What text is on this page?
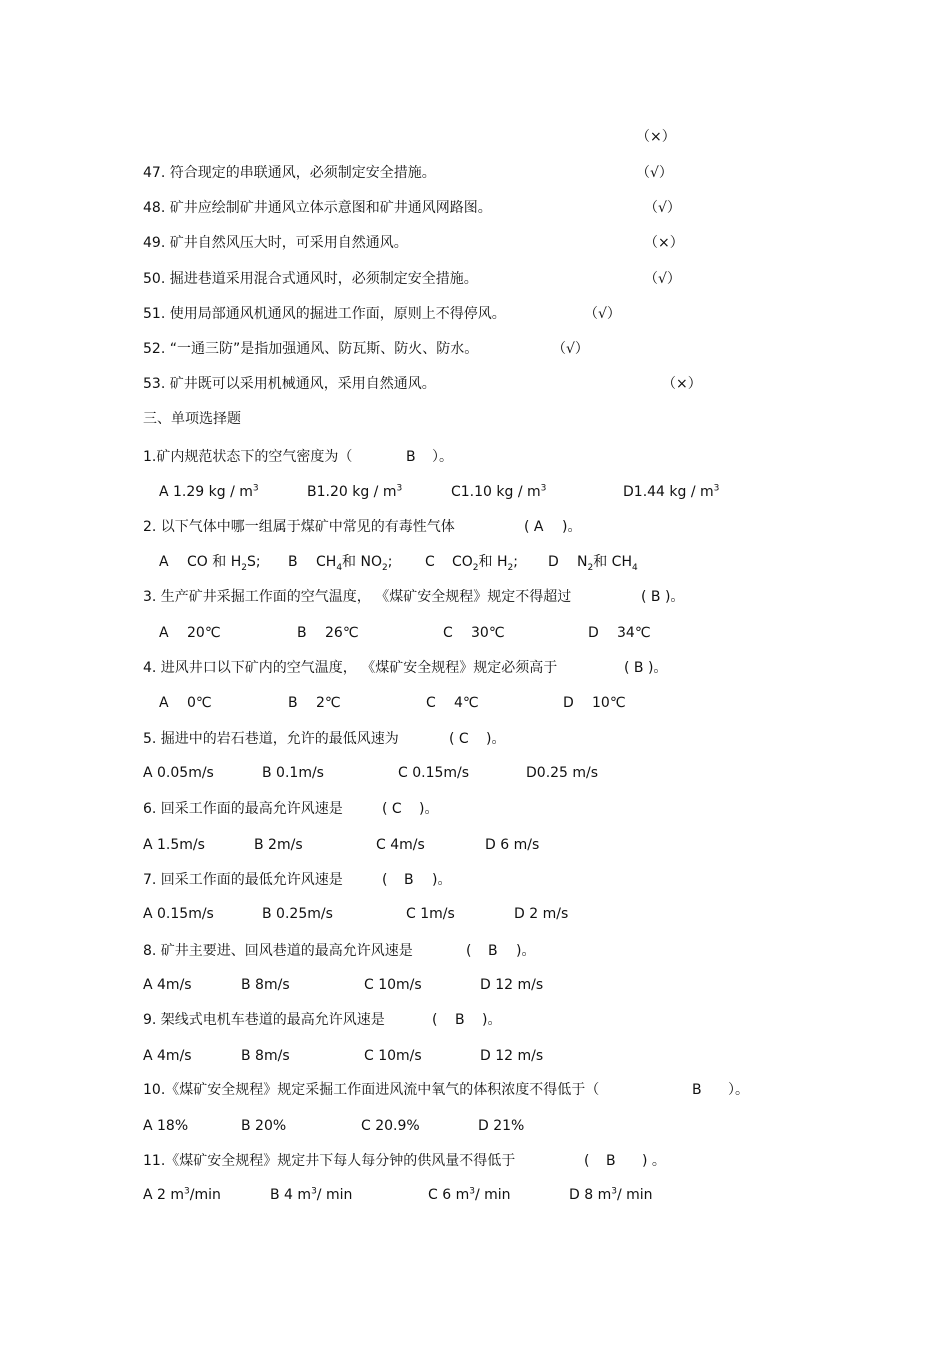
（×）
47. 符合现定的串联通风，必须制定安全措施。	（√）
48. 矿井应绘制矿井通风立体示意图和矿井通风网路图。	（√）
49. 矿井自然风压大时，可采用自然通风。	（×）
50. 掘进巷道采用混合式通风时，必须制定安全措施。	（√）
51. 使用局部通风机通风的掘进工作面，原则上不得停风。	（√）
52. “一通三防”是指加强通风、防瓦斯、防火、防水。	（√）
53. 矿井既可以采用机械通风，采用自然通风。	（×）
三、单项选择题
1.矿内规范状态下的空气密度为（	B ）。
A 1.29 kg / $m^3$	B1.20 kg / $m^3$	C1.10 kg / $m^3$	D1.44 kg / $m^3$
2. 以下气体中哪一组属于煤矿中常见的有毒性气体	( A )。
A CO 和 $H_2S$; B $CH_4$和 $NO_2$; C $CO_2$和 $H_2$; D $N_2$和 $CH_4$
3. 生产矿井采掘工作面的空气温度， 《煤矿安全规程》规定不得超过	( B )。
A 20℃	B 26℃	C 30℃	D 34℃
4. 进风井口以下矿内的空气温度， 《煤矿安全规程》规定必须高于	( B )。
A 0℃	B 2℃	C 4℃	D 10℃
5. 掘进中的岩石巷道，允许的最低风速为	( C )。
A 0.05m/s	B 0.1m/s	C 0.15m/s	D0.25 m/s
6. 回采工作面的最高允许风速是	( C )。
A 1.5m/s	B 2m/s	C 4m/s	D 6 m/s
7. 回采工作面的最低允许风速是	( B )。
A 0.15m/s	B 0.25m/s	C 1m/s	D 2 m/s
8. 矿井主要进、回风巷道的最高允许风速是	( B )。
A 4m/s	B 8m/s	C 10m/s	D 12 m/s
9. 架线式电机车巷道的最高允许风速是	( B )。
A 4m/s	B 8m/s	C 10m/s	D 12 m/s
10.《煤矿安全规程》规定采掘工作面进风流中氧气的体积浓度不得低于（	B ）。
A 18%	B 20%	C 20.9%	D 21%
11.《煤矿安全规程》规定井下每人每分钟的供风量不得低于	( B ) 。
A 2 $m^3/\min$	B 4 $m^3/$ min	C 6 $m^3/$ min	D 8 $m^3/$ min
